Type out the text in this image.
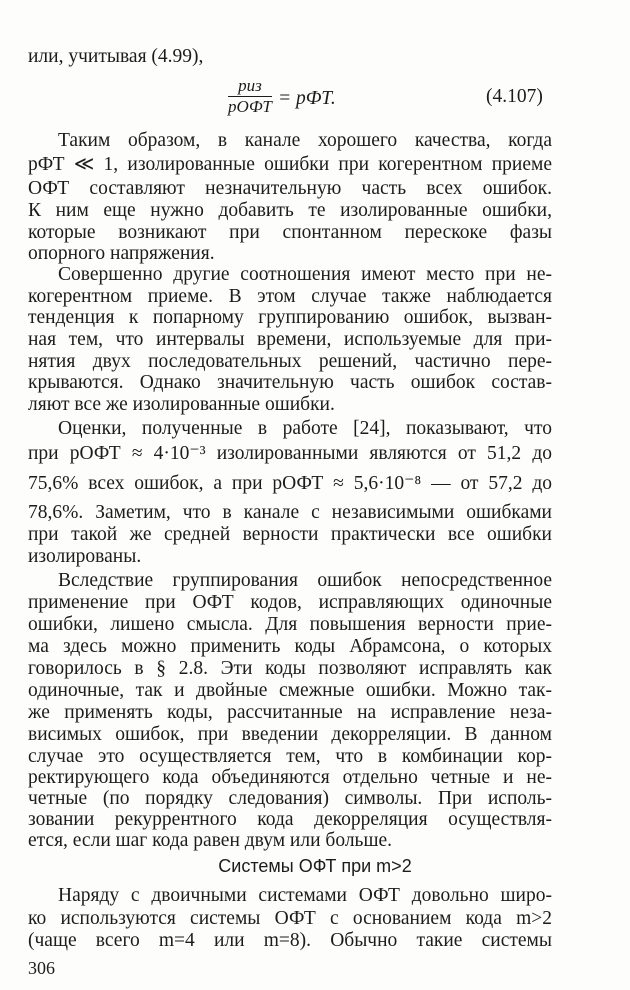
или, учитывая (4.99),
pиз
pОФТ = pФТ.	(4.107)
Таким образом, в канале хорошего качества, когда
pФТ ≪ 1, изолированные ошибки при когерентном приеме
ОФТ составляют незначительную часть всех ошибок.
К ним еще нужно добавить те изолированные ошибки,
которые возникают при спонтанном перескоке фазы
опорного напряжения.
Совершенно другие соотношения имеют место при не-
когерентном приеме. В этом случае также наблюдается
тенденция к попарному группированию ошибок, вызван-
ная тем, что интервалы времени, используемые для при-
нятия двух последовательных решений, частично пере-
крываются. Однако значительную часть ошибок состав-
ляют все же изолированные ошибки.
Оценки, полученные в работе [24], показывают, что
при pОФТ ≈ 4·10⁻³ изолированными являются от 51,2 до
75,6% всех ошибок, а при pОФТ ≈ 5,6·10⁻⁸ — от 57,2 до
78,6%. Заметим, что в канале с независимыми ошибками
при такой же средней верности практически все ошибки
изолированы.
Вследствие группирования ошибок непосредственное
применение при ОФТ кодов, исправляющих одиночные
ошибки, лишено смысла. Для повышения верности прие-
ма здесь можно применить коды Абрамсона, о которых
говорилось в § 2.8. Эти коды позволяют исправлять как
одиночные, так и двойные смежные ошибки. Можно так-
же применять коды, рассчитанные на исправление неза-
висимых ошибок, при введении декорреляции. В данном
случае это осуществляется тем, что в комбинации кор-
ректирующего кода объединяются отдельно четные и не-
четные (по порядку следования) символы. При исполь-
зовании рекуррентного кода декорреляция осуществля-
ется, если шаг кода равен двум или больше.
Системы ОФТ при m>2
Наряду с двоичными системами ОФТ довольно широ-
ко используются системы ОФТ с основанием кода m>2
(чаще всего m=4 или m=8). Обычно такие системы
306
